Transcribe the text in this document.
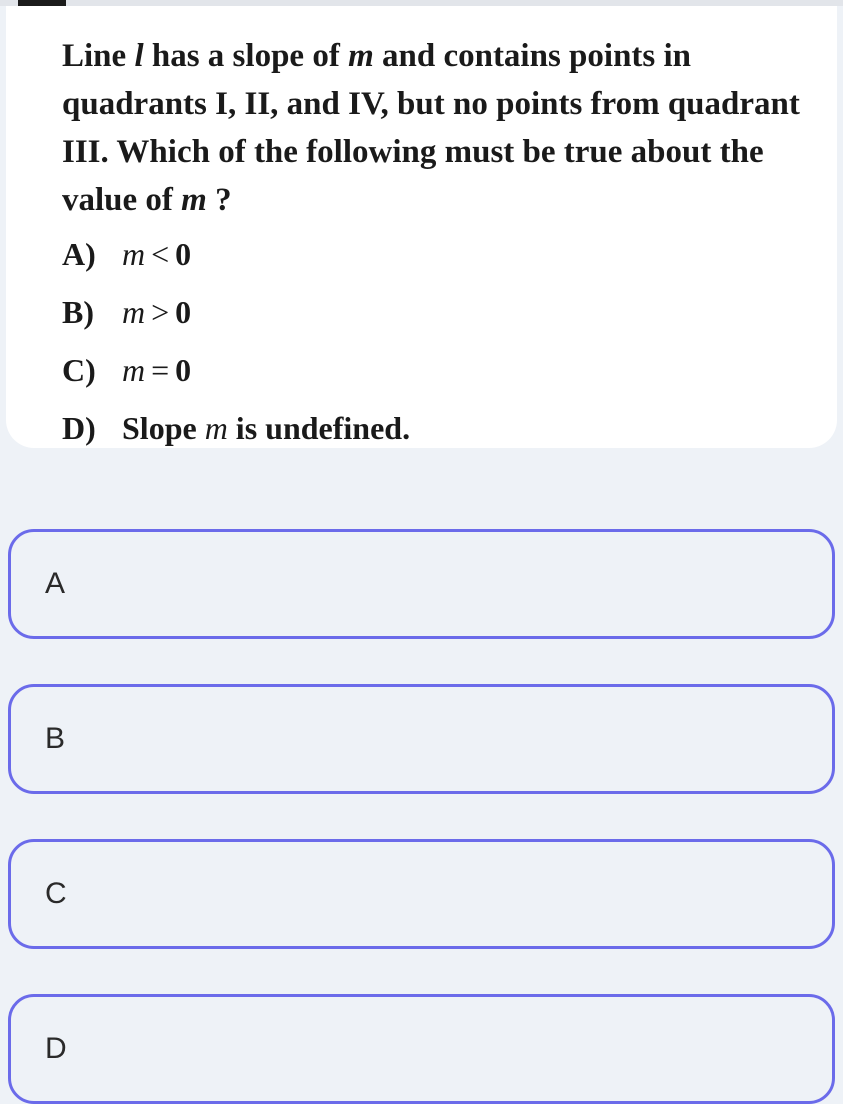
Line l has a slope of m and contains points in quadrants I, II, and IV, but no points from quadrant III. Which of the following must be true about the value of m ?

A) m < 0
B) m > 0
C) m = 0
D) Slope m is undefined.
A
B
C
D
